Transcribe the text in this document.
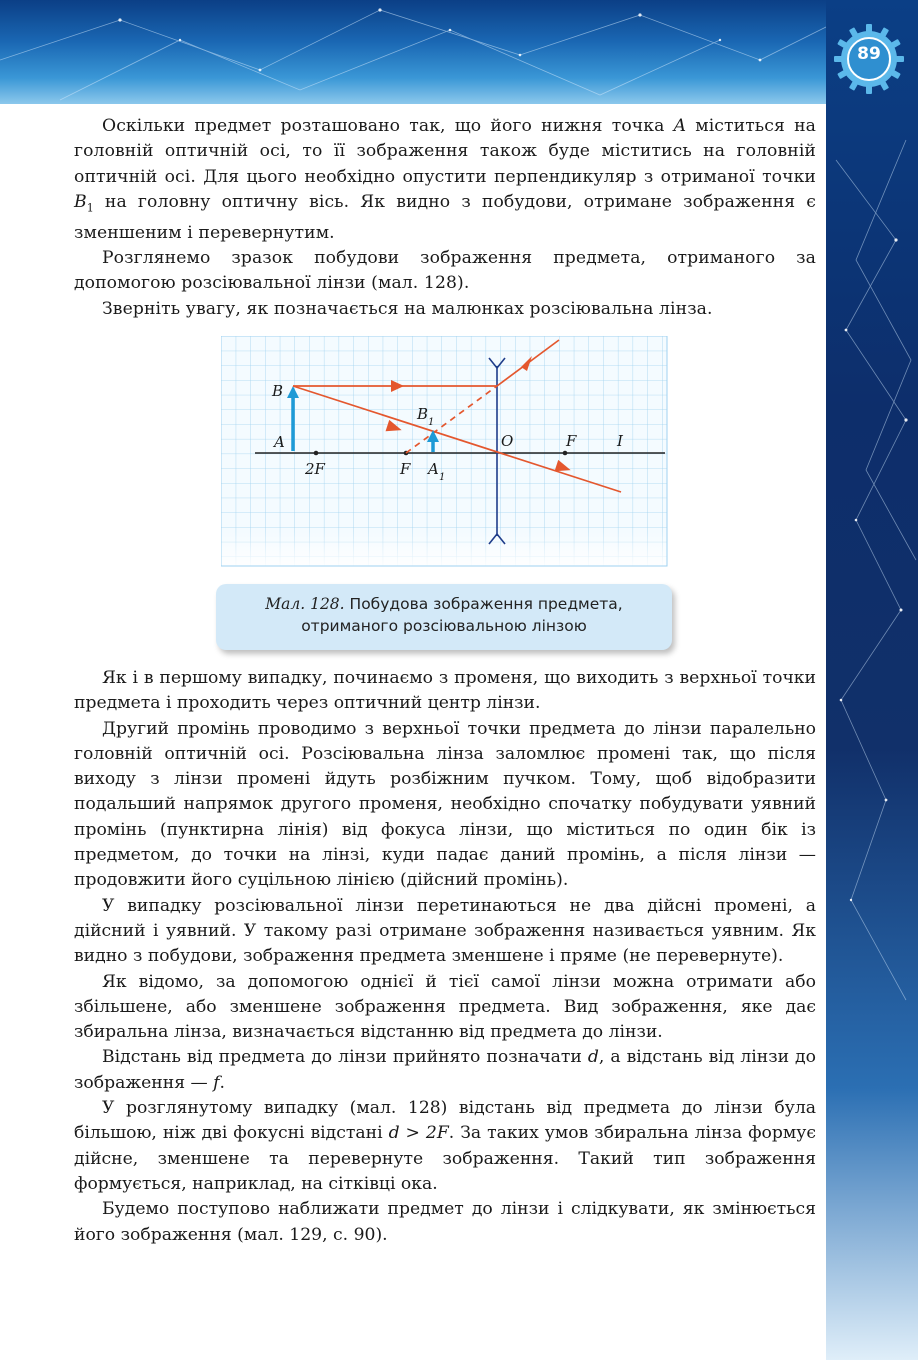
89

Оскільки предмет розташовано так, що його нижня точка A міститься на головній оптичній осі, то її зображення також буде міститись на головній оптичній осі. Для цього необхідно опустити перпендикуляр з отриманої точки $B_1$ на головну оптичну вісь. Як видно з побудови, отримане зображення є зменшеним і перевернутим.

Розглянемо зразок побудови зображення предмета, отриманого за допомогою розсіювальної лінзи (мал. 128).

Зверніть увагу, як позначається на малюнках розсіювальна лінза.

B
A
B 1
A 1
O	F	I
F
2F
Мал. 128. Побудова зображення предмета,
отриманого розсіювальною лінзою

Як і в першому випадку, починаємо з променя, що виходить з верхньої точки предмета і проходить через оптичний центр лінзи.

Другий промінь проводимо з верхньої точки предмета до лінзи паралельно головній оптичній осі. Розсіювальна лінза заломлює промені так, що після виходу з лінзи промені йдуть розбіжним пучком. Тому, щоб відобразити подальший напрямок другого променя, необхідно спочатку побудувати уявний промінь (пунктирна лінія) від фокуса лінзи, що міститься по один бік із предметом, до точки на лінзі, куди падає даний промінь, а після лінзи — продовжити його суцільною лінією (дійсний промінь).

У випадку розсіювальної лінзи перетинаються не два дійсні промені, а дійсний і уявний. У такому разі отримане зображення називається уявним. Як видно з побудови, зображення предмета зменшене і пряме (не перевернуте).

Як відомо, за допомогою однієї й тієї самої лінзи можна отримати або збільшене, або зменшене зображення предмета. Вид зображення, яке дає збиральна лінза, визначається відстанню від предмета до лінзи.

Відстань від предмета до лінзи прийнято позначати d, а відстань від лінзи до зображення — f.

У розглянутому випадку (мал. 128) відстань від предмета до лінзи була більшою, ніж дві фокусні відстані d > 2F. За таких умов збиральна лінза формує дійсне, зменшене та перевернуте зображення. Такий тип зображення формується, наприклад, на сітківці ока.

Будемо поступово наближати предмет до лінзи і слідкувати, як змінюється його зображення (мал. 129, с. 90).
